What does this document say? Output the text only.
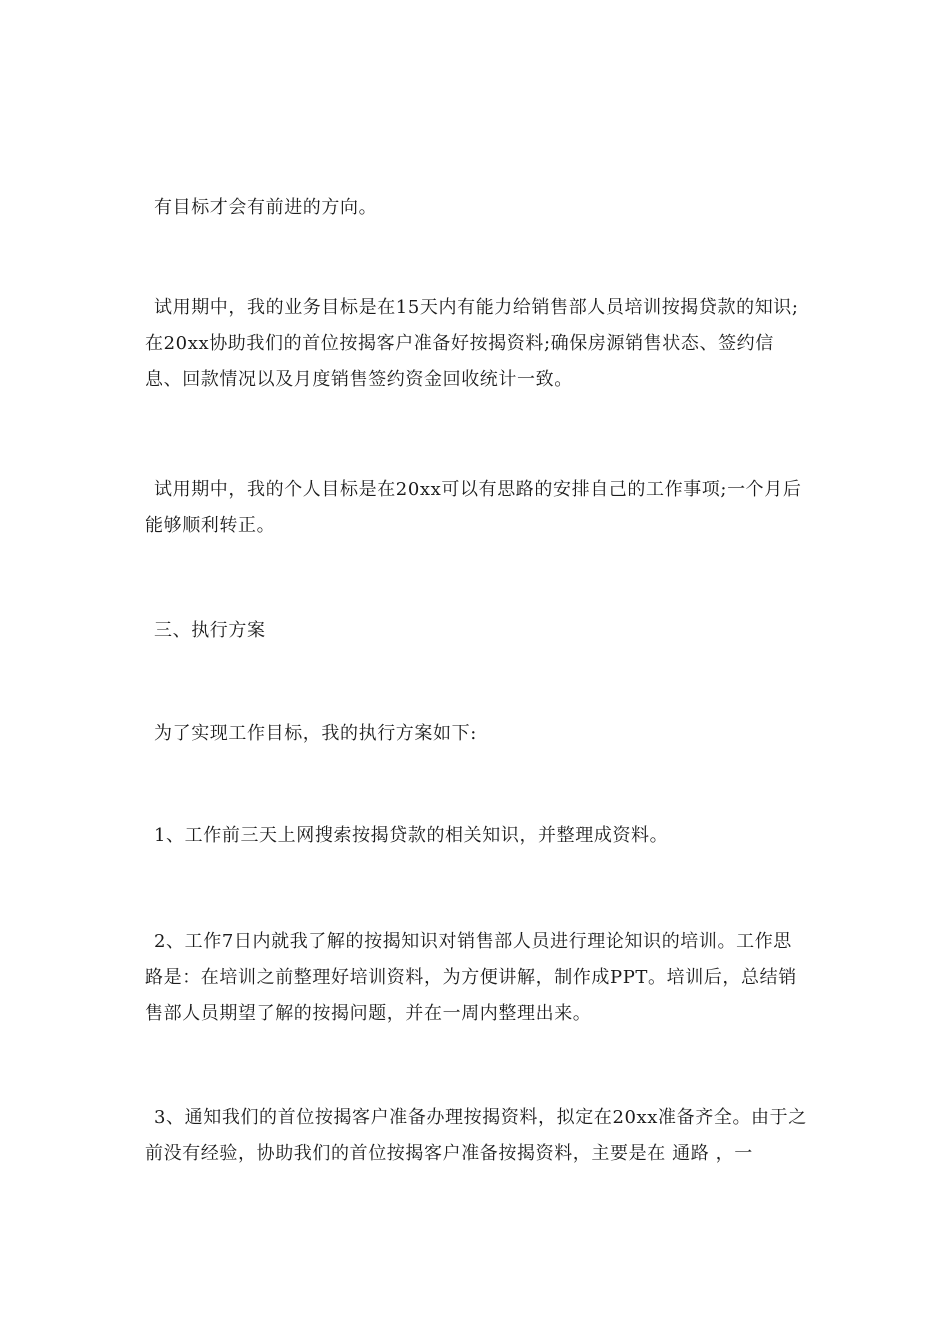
有目标才会有前进的方向。

试用期中，我的业务目标是在15天内有能力给销售部人员培训按揭贷款的知识;在20xx协助我们的首位按揭客户准备好按揭资料;确保房源销售状态、签约信息、回款情况以及月度销售签约资金回收统计一致。

试用期中，我的个人目标是在20xx可以有思路的安排自己的工作事项;一个月后能够顺利转正。

三、执行方案

为了实现工作目标，我的执行方案如下:

1、工作前三天上网搜索按揭贷款的相关知识，并整理成资料。

2、工作7日内就我了解的按揭知识对销售部人员进行理论知识的培训。工作思路是：在培训之前整理好培训资料，为方便讲解，制作成PPT。培训后，总结销售部人员期望了解的按揭问题，并在一周内整理出来。

3、通知我们的首位按揭客户准备办理按揭资料，拟定在20xx准备齐全。由于之前没有经验，协助我们的首位按揭客户准备按揭资料，主要是在 通路 ，一
